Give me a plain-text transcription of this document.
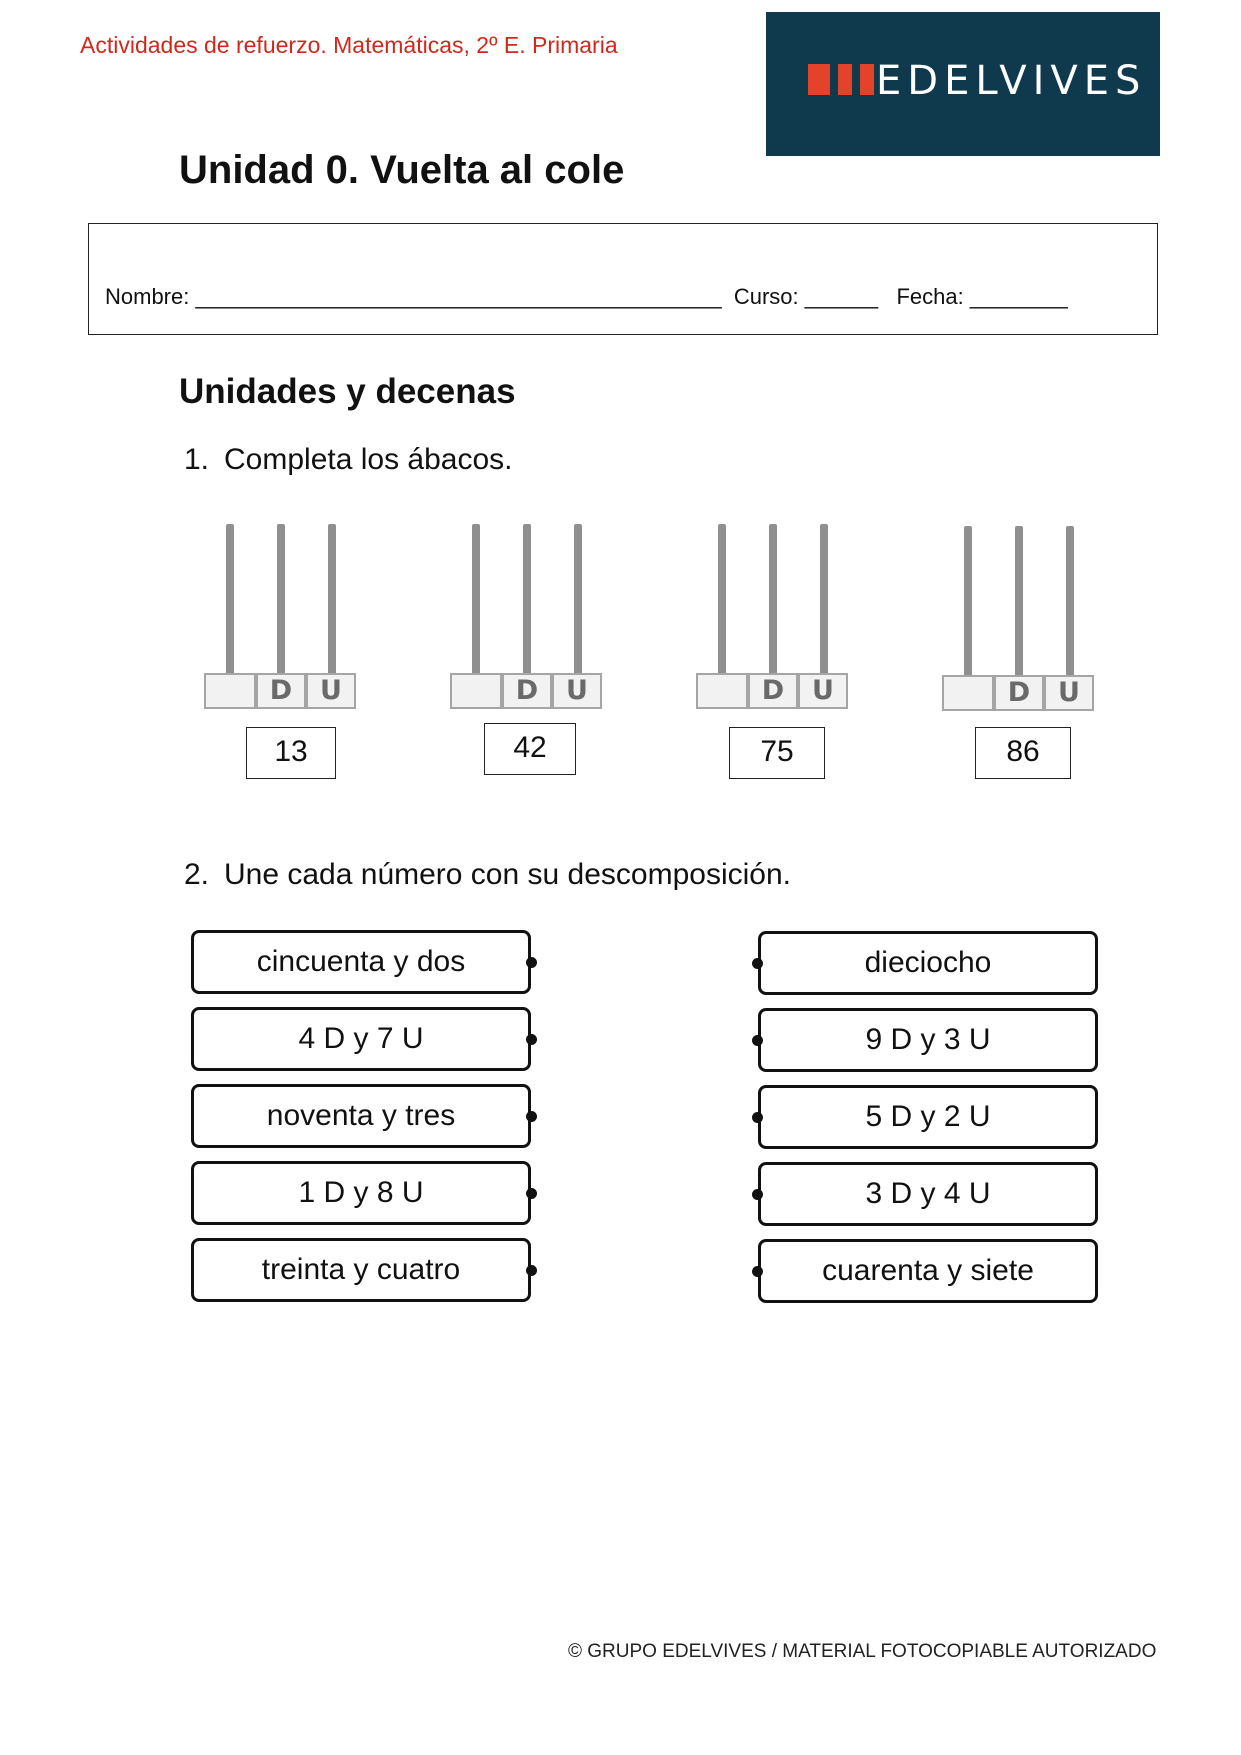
Actividades de refuerzo. Matemáticas, 2º E. Primaria
EDELVIVES
Unidad 0. Vuelta al cole
Nombre: ___________________________________________  Curso: ______   Fecha: ________
Unidades y decenas
1. Completa los ábacos.
D	U
13
D	U
42
D	U
75
D	U
86
2. Une cada número con su descomposición.
cincuenta y dos
4 D y 7 U
noventa y tres
1 D y 8 U
treinta y cuatro
dieciocho
9 D y 3 U
5 D y 2 U
3 D y 4 U
cuarenta y siete
© GRUPO EDELVIVES / MATERIAL FOTOCOPIABLE AUTORIZADO
